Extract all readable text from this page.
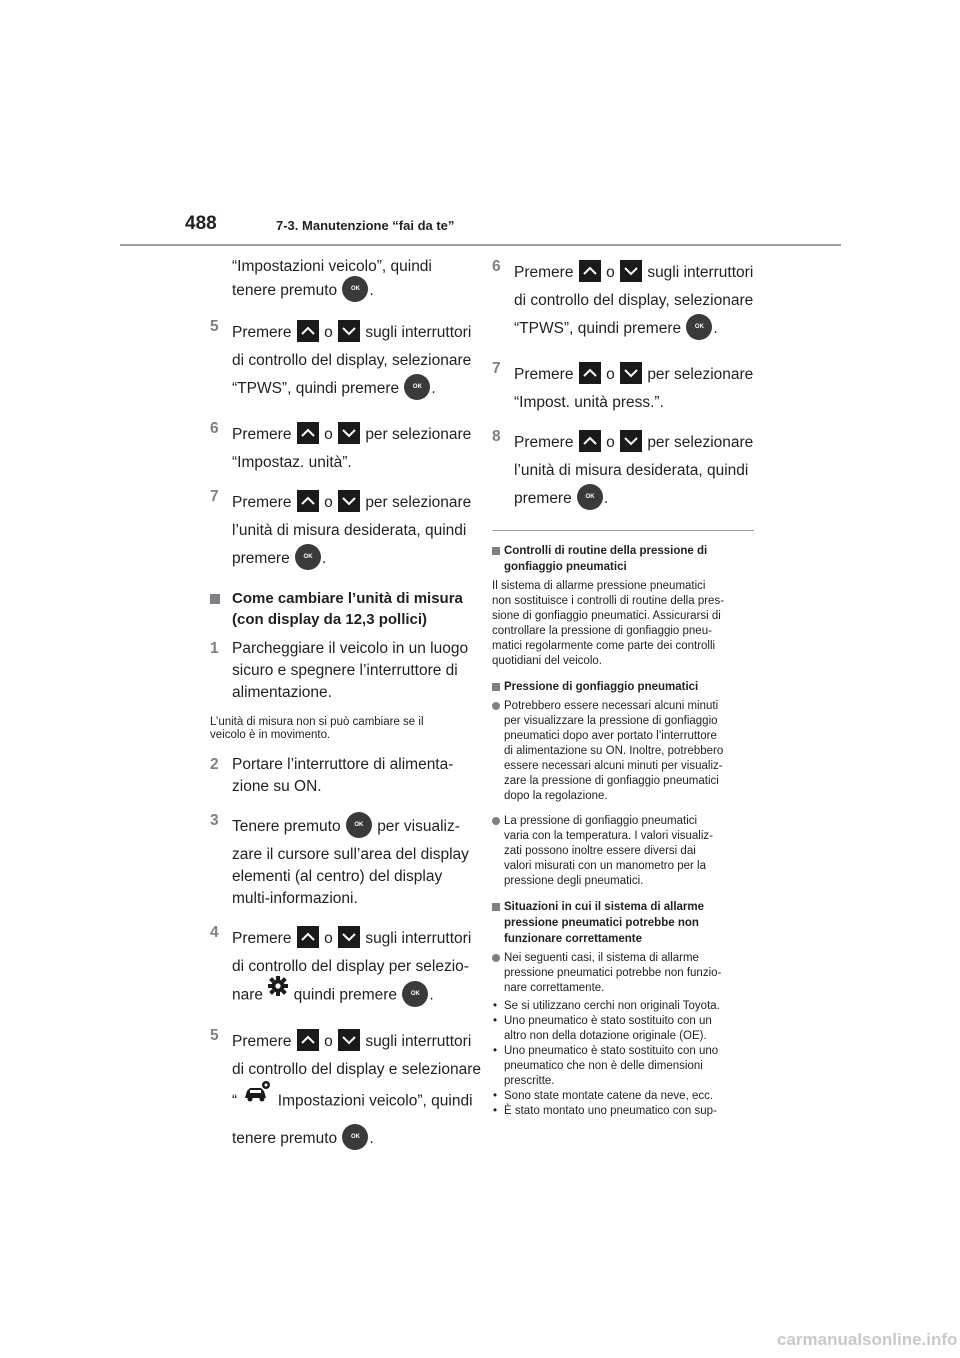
488	7-3. Manutenzione “fai da te”
“Impostazioni veicolo”, quindi tenere premuto OK .
5 Premere o sugli interruttori
di controllo del display, selezionare
“TPWS”, quindi premere OK .
6 Premere o per selezionare
“Impostaz. unità”.
7 Premere o per selezionare
l’unità di misura desiderata, quindi
premere OK .
Come cambiare l’unità di misura (con display da 12,3 pollici)
1 Parcheggiare il veicolo in un luogo
sicuro e spegnere l’interruttore di
alimentazione.
L’unità di misura non si può cambiare se il
veicolo è in movimento.
2 Portare l’interruttore di alimenta-
zione su ON.
3 Tenere premuto OK per visualiz-
zare il cursore sull’area del display
elementi (al centro) del display
multi-informazioni.
4 Premere o sugli interruttori
di controllo del display per selezio-
nare quindi premere OK .
5 Premere o sugli interruttori
di controllo del display e selezionare
“	Impostazioni veicolo”, quindi
tenere premuto OK .
6 Premere o sugli interruttori
di controllo del display, selezionare
“TPWS”, quindi premere OK .
7 Premere o per selezionare
“Impost. unità press.”.
8 Premere o per selezionare
l’unità di misura desiderata, quindi
premere OK .
Controlli di routine della pressione di
gonfiaggio pneumatici
Il sistema di allarme pressione pneumatici
non sostituisce i controlli di routine della pres-
sione di gonfiaggio pneumatici. Assicurarsi di
controllare la pressione di gonfiaggio pneu-
matici regolarmente come parte dei controlli
quotidiani del veicolo.
Pressione di gonfiaggio pneumatici
Potrebbero essere necessari alcuni minuti
per visualizzare la pressione di gonfiaggio
pneumatici dopo aver portato l’interruttore
di alimentazione su ON. Inoltre, potrebbero
essere necessari alcuni minuti per visualiz-
zare la pressione di gonfiaggio pneumatici
dopo la regolazione.
La pressione di gonfiaggio pneumatici
varia con la temperatura. I valori visualiz-
zati possono inoltre essere diversi dai
valori misurati con un manometro per la
pressione degli pneumatici.
Situazioni in cui il sistema di allarme
pressione pneumatici potrebbe non
funzionare correttamente
Nei seguenti casi, il sistema di allarme
pressione pneumatici potrebbe non funzio-
nare correttamente.
• Se si utilizzano cerchi non originali Toyota.
• Uno pneumatico è stato sostituito con un
altro non della dotazione originale (OE).
• Uno pneumatico è stato sostituito con uno
pneumatico che non è delle dimensioni
prescritte.
• Sono state montate catene da neve, ecc.
• È stato montato uno pneumatico con sup-
carmanualsonline.info
